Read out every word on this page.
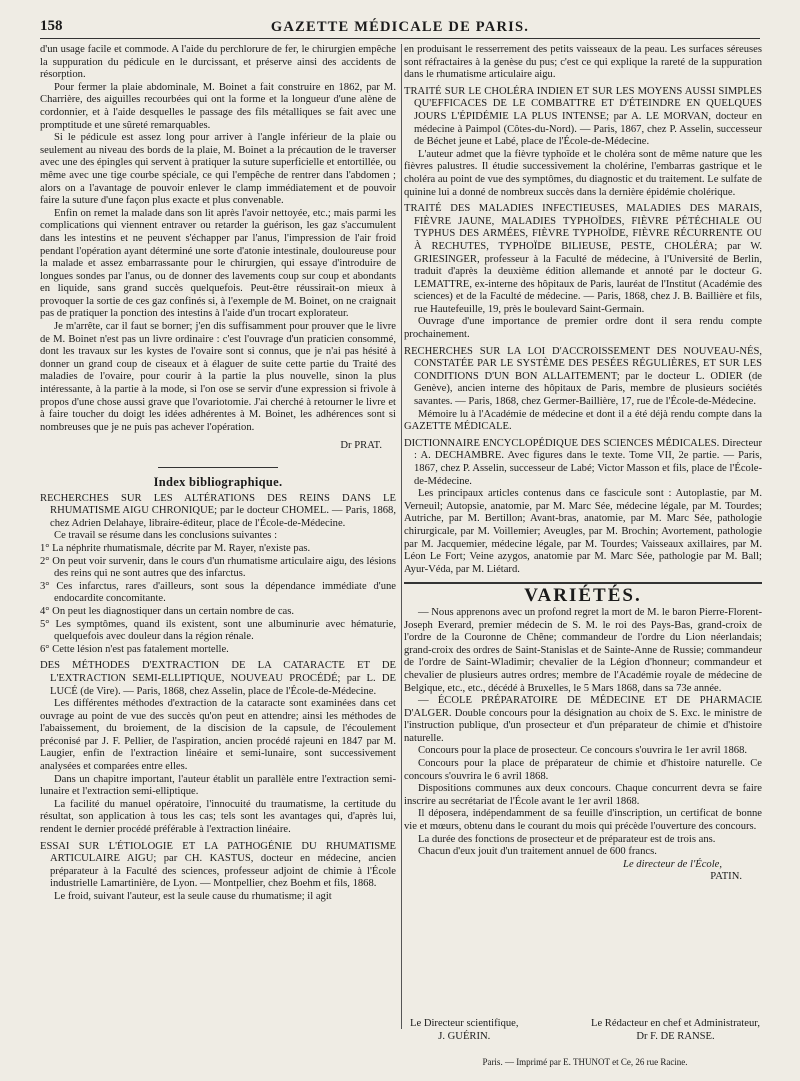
158	GAZETTE MÉDICALE DE PARIS.

d'un usage facile et commode. A l'aide du perchlorure de fer, le chirurgien empêche la suppuration du pédicule en le durcissant, et préserve ainsi des accidents de résorption.

Pour fermer la plaie abdominale, M. Boinet a fait construire en 1862, par M. Charrière, des aiguilles recourbées qui ont la forme et la longueur d'une alène de cordonnier, et à l'aide desquelles le passage des fils métalliques se fait avec une promptitude et une sûreté remarquables.

Si le pédicule est assez long pour arriver à l'angle inférieur de la plaie ou seulement au niveau des bords de la plaie, M. Boinet a la précaution de le traverser avec une des épingles qui servent à pratiquer la suture superficielle et entortillée, ou même avec une tige courbe spéciale, ce qui l'empêche de rentrer dans l'abdomen ; alors on a l'avantage de pouvoir enlever le clamp immédiatement et de pouvoir faire la suture d'une façon plus exacte et plus convenable.

Enfin on remet la malade dans son lit après l'avoir nettoyée, etc.; mais parmi les complications qui viennent entraver ou retarder la guérison, les gaz s'accumulent dans les intestins et ne peuvent s'échapper par l'anus, l'impression de l'air froid pendant l'opération ayant déterminé une sorte d'atonie intestinale, douloureuse pour la malade et assez embarrassante pour le chirurgien, qui essaye d'introduire de longues sondes par l'anus, ou de donner des lavements coup sur coup et abondants en liquide, sans grand succès quelquefois. Peut-être réussirait-on mieux à provoquer la sortie de ces gaz confinés si, à l'exemple de M. Boinet, on ne craignait pas de pratiquer la ponction des intestins à l'aide d'un trocart explorateur.

Je m'arrête, car il faut se borner; j'en dis suffisamment pour prouver que le livre de M. Boinet n'est pas un livre ordinaire : c'est l'ouvrage d'un praticien consommé, dont les travaux sur les kystes de l'ovaire sont si connus, que je n'ai pas hésité à donner un grand coup de ciseaux et à élaguer de suite cette partie du Traité des maladies de l'ovaire, pour courir à la partie la plus nouvelle, sinon la plus intéressante, à la partie à la mode, si l'on ose se servir d'une expression si frivole à propos d'une chose aussi grave que l'ovariotomie. J'ai cherché à retourner le livre et à faire toucher du doigt les idées adhérentes à M. Boinet, les adhérences sont si nombreuses que je ne puis pas achever l'opération.

Dr PRAT.
Index bibliographique.

RECHERCHES SUR LES ALTÉRATIONS DES REINS DANS LE RHUMATISME AIGU CHRONIQUE; par le docteur CHOMEL. — Paris, 1868, chez Adrien Delahaye, libraire-éditeur, place de l'École-de-Médecine.

Ce travail se résume dans les conclusions suivantes :

1° La néphrite rhumatismale, décrite par M. Rayer, n'existe pas.

2° On peut voir survenir, dans le cours d'un rhumatisme articulaire aigu, des lésions des reins qui ne sont autres que des infarctus.

3° Ces infarctus, rares d'ailleurs, sont sous la dépendance immédiate d'une endocardite concomitante.

4° On peut les diagnostiquer dans un certain nombre de cas.

5° Les symptômes, quand ils existent, sont une albuminurie avec hématurie, quelquefois avec douleur dans la région rénale.

6° Cette lésion n'est pas fatalement mortelle.

DES MÉTHODES D'EXTRACTION DE LA CATARACTE ET DE L'EXTRACTION SEMI-ELLIPTIQUE, NOUVEAU PROCÉDÉ; par L. DE LUCÉ (de Vire). — Paris, 1868, chez Asselin, place de l'École-de-Médecine.

Les différentes méthodes d'extraction de la cataracte sont examinées dans cet ouvrage au point de vue des succès qu'on peut en attendre; ainsi les méthodes de l'abaissement, du broiement, de la discision de la capsule, de l'écoulement préconisé par J. F. Pellier, de l'aspiration, ancien procédé rajeuni en 1847 par M. Laugier, enfin de l'extraction linéaire et semi-lunaire, sont successivement analysées et comparées entre elles.

Dans un chapitre important, l'auteur établit un parallèle entre l'extraction semi-lunaire et l'extraction semi-elliptique.

La facilité du manuel opératoire, l'innocuité du traumatisme, la certitude du résultat, son application à tous les cas; tels sont les avantages qui, d'après lui, rendent le dernier procédé préférable à l'extraction linéaire.

ESSAI SUR L'ÉTIOLOGIE ET LA PATHOGÉNIE DU RHUMATISME ARTICULAIRE AIGU; par CH. KASTUS, docteur en médecine, ancien préparateur à la Faculté des sciences, professeur adjoint de chimie à l'École industrielle Lamartinière, de Lyon. — Montpellier, chez Boehm et fils, 1868.

Le froid, suivant l'auteur, est la seule cause du rhumatisme; il agit

en produisant le resserrement des petits vaisseaux de la peau. Les surfaces séreuses sont réfractaires à la genèse du pus; c'est ce qui explique la rareté de la suppuration dans le rhumatisme articulaire aigu.

TRAITÉ SUR LE CHOLÉRA INDIEN ET SUR LES MOYENS AUSSI SIMPLES QU'EFFICACES DE LE COMBATTRE ET D'ÉTEINDRE EN QUELQUES JOURS L'ÉPIDÉMIE LA PLUS INTENSE; par A. LE MORVAN, docteur en médecine à Paimpol (Côtes-du-Nord). — Paris, 1867, chez P. Asselin, successeur de Béchet jeune et Labé, place de l'École-de-Médecine.

L'auteur admet que la fièvre typhoïde et le choléra sont de même nature que les fièvres palustres. Il étudie successivement la cholérine, l'embarras gastrique et le choléra au point de vue des symptômes, du diagnostic et du traitement. Le sulfate de quinine lui a donné de nombreux succès dans la dernière épidémie cholérique.

TRAITÉ DES MALADIES INFECTIEUSES, MALADIES DES MARAIS, FIÈVRE JAUNE, MALADIES TYPHOÏDES, FIÈVRE PÉTÉCHIALE OU TYPHUS DES ARMÉES, FIÈVRE TYPHOÏDE, FIÈVRE RÉCURRENTE OU À RECHUTES, TYPHOÏDE BILIEUSE, PESTE, CHOLÉRA; par W. GRIESINGER, professeur à la Faculté de médecine, à l'Université de Berlin, traduit d'après la deuxième édition allemande et annoté par le docteur G. LEMATTRE, ex-interne des hôpitaux de Paris, lauréat de l'Institut (Académie des sciences) et de la Faculté de médecine. — Paris, 1868, chez J. B. Baillière et fils, rue Hautefeuille, 19, près le boulevard Saint-Germain.

Ouvrage d'une importance de premier ordre dont il sera rendu compte prochainement.

RECHERCHES SUR LA LOI D'ACCROISSEMENT DES NOUVEAU-NÉS, CONSTATÉE PAR LE SYSTÈME DES PESÉES RÉGULIÈRES, ET SUR LES CONDITIONS D'UN BON ALLAITEMENT; par le docteur L. ODIER (de Genève), ancien interne des hôpitaux de Paris, membre de plusieurs sociétés savantes. — Paris, 1868, chez Germer-Baillière, 17, rue de l'École-de-Médecine.

Mémoire lu à l'Académie de médecine et dont il a été déjà rendu compte dans la GAZETTE MÉDICALE.

DICTIONNAIRE ENCYCLOPÉDIQUE DES SCIENCES MÉDICALES. Directeur : A. DECHAMBRE. Avec figures dans le texte. Tome VII, 2e partie. — Paris, 1867, chez P. Asselin, successeur de Labé; Victor Masson et fils, place de l'École-de-Médecine.

Les principaux articles contenus dans ce fascicule sont : Autoplastie, par M. Verneuil; Autopsie, anatomie, par M. Marc Sée, médecine légale, par M. Tourdes; Autriche, par M. Bertillon; Avant-bras, anatomie, par M. Marc Sée, pathologie chirurgicale, par M. Voillemier; Aveugles, par M. Brochin; Avortement, pathologie par M. Jacquemier, médecine légale, par M. Tourdes; Vaisseaux axillaires, par M. Léon Le Fort; Veine azygos, anatomie par M. Marc Sée, pathologie par M. Ball; Ayur-Véda, par M. Liétard.

VARIÉTÉS.

— Nous apprenons avec un profond regret la mort de M. le baron Pierre-Florent-Joseph Everard, premier médecin de S. M. le roi des Pays-Bas, grand-croix de l'ordre de la Couronne de Chêne; commandeur de l'ordre du Lion néerlandais; grand-croix des ordres de Saint-Stanislas et de Sainte-Anne de Russie; commandeur de l'ordre de Saint-Wladimir; chevalier de la Légion d'honneur; commandeur et chevalier de plusieurs autres ordres; membre de l'Académie royale de médecine de Belgique, etc., etc., décédé à Bruxelles, le 5 Mars 1868, dans sa 73e année.

— ÉCOLE PRÉPARATOIRE DE MÉDECINE ET DE PHARMACIE D'ALGER. Double concours pour la désignation au choix de S. Exc. le ministre de l'instruction publique, d'un prosecteur et d'un préparateur de chimie et d'histoire naturelle.

Concours pour la place de prosecteur. Ce concours s'ouvrira le 1er avril 1868.

Concours pour la place de préparateur de chimie et d'histoire naturelle. Ce concours s'ouvrira le 6 avril 1868.

Dispositions communes aux deux concours. Chaque concurrent devra se faire inscrire au secrétariat de l'École avant le 1er avril 1868.

Il déposera, indépendamment de sa feuille d'inscription, un certificat de bonne vie et mœurs, obtenu dans le courant du mois qui précède l'ouverture des concours.

La durée des fonctions de prosecteur et de préparateur est de trois ans.

Chacun d'eux jouit d'un traitement annuel de 600 francs.

Le directeur de l'École,
PATIN.
Le Directeur scientifique,
J. GUÉRIN.
Le Rédacteur en chef et Administrateur,
Dr F. DE RANSE.
Paris. — Imprimé par E. THUNOT et Ce, 26 rue Racine.
